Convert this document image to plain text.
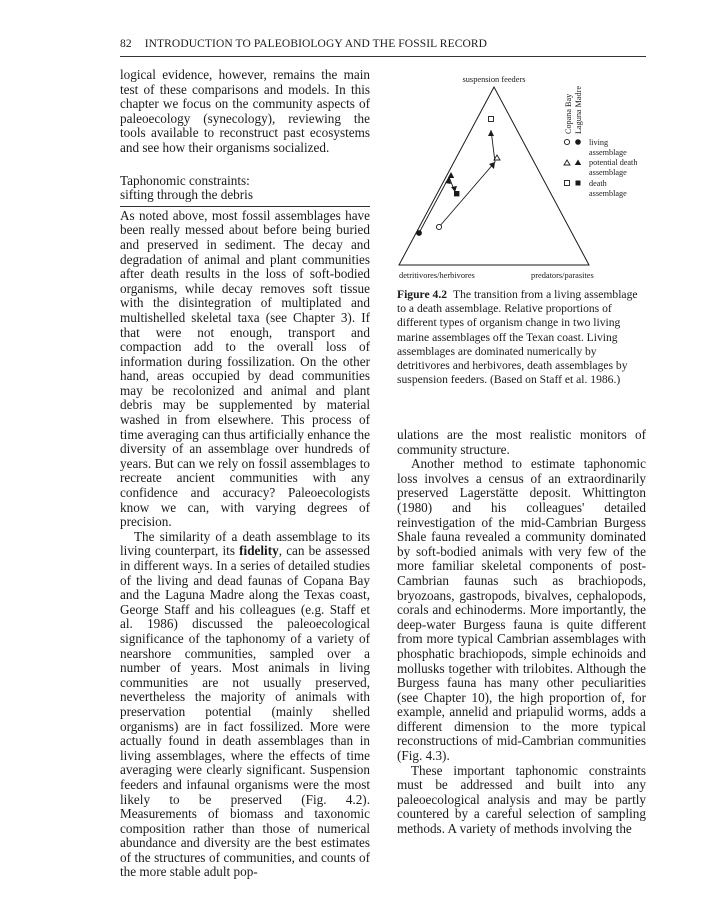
82 INTRODUCTION TO PALEOBIOLOGY AND THE FOSSIL RECORD

logical evidence, however, remains the main test of these comparisons and models. In this chapter we focus on the community aspects of paleoecology (synecology), reviewing the tools available to reconstruct past ecosystems and see how their organisms socialized.

Taphonomic constraints:
sifting through the debris

As noted above, most fossil assemblages have been really messed about before being buried and preserved in sediment. The decay and degradation of animal and plant communities after death results in the loss of soft-bodied organisms, while decay removes soft tissue with the disintegration of multiplated and multishelled skeletal taxa (see Chapter 3). If that were not enough, transport and compaction add to the overall loss of information during fossilization. On the other hand, areas occupied by dead communities may be recolonized and animal and plant debris may be supplemented by material washed in from elsewhere. This process of time averaging can thus artificially enhance the diversity of an assemblage over hundreds of years. But can we rely on fossil assemblages to recreate ancient communities with any confidence and accuracy? Paleoecologists know we can, with varying degrees of precision.

The similarity of a death assemblage to its living counterpart, its fidelity, can be assessed in different ways. In a series of detailed studies of the living and dead faunas of Copana Bay and the Laguna Madre along the Texas coast, George Staff and his colleagues (e.g. Staff et al. 1986) discussed the paleoecological significance of the taphonomy of a variety of nearshore communities, sampled over a number of years. Most animals in living communities are not usually preserved, nevertheless the majority of animals with preservation potential (mainly shelled organisms) are in fact fossilized. More were actually found in death assemblages than in living assemblages, where the effects of time averaging were clearly significant. Suspension feeders and infaunal organisms were the most likely to be preserved (Fig. 4.2). Measurements of biomass and taxonomic composition rather than those of numerical abundance and diversity are the best estimates of the structures of communities, and counts of the more stable adult pop-

suspension feeders
detritivores/herbivores	predators/parasites
Copana Bay Laguna Madre
living
assemblage
potential death
assemblage
death
assemblage
Figure 4.2 The transition from a living assemblage to a death assemblage. Relative proportions of different types of organism change in two living marine assemblages off the Texan coast. Living assemblages are dominated numerically by detritivores and herbivores, death assemblages by suspension feeders. (Based on Staff et al. 1986.)

ulations are the most realistic monitors of community structure.

Another method to estimate taphonomic loss involves a census of an extraordinarily preserved Lagerstätte deposit. Whittington (1980) and his colleagues' detailed reinvestigation of the mid-Cambrian Burgess Shale fauna revealed a community dominated by soft-bodied animals with very few of the more familiar skeletal components of post-Cambrian faunas such as brachiopods, bryozoans, gastropods, bivalves, cephalopods, corals and echinoderms. More importantly, the deep-water Burgess fauna is quite different from more typical Cambrian assemblages with phosphatic brachiopods, simple echinoids and mollusks together with trilobites. Although the Burgess fauna has many other peculiarities (see Chapter 10), the high proportion of, for example, annelid and priapulid worms, adds a different dimension to the more typical reconstructions of mid-Cambrian communities (Fig. 4.3).

These important taphonomic constraints must be addressed and built into any paleoecological analysis and may be partly countered by a careful selection of sampling methods. A variety of methods involving the
